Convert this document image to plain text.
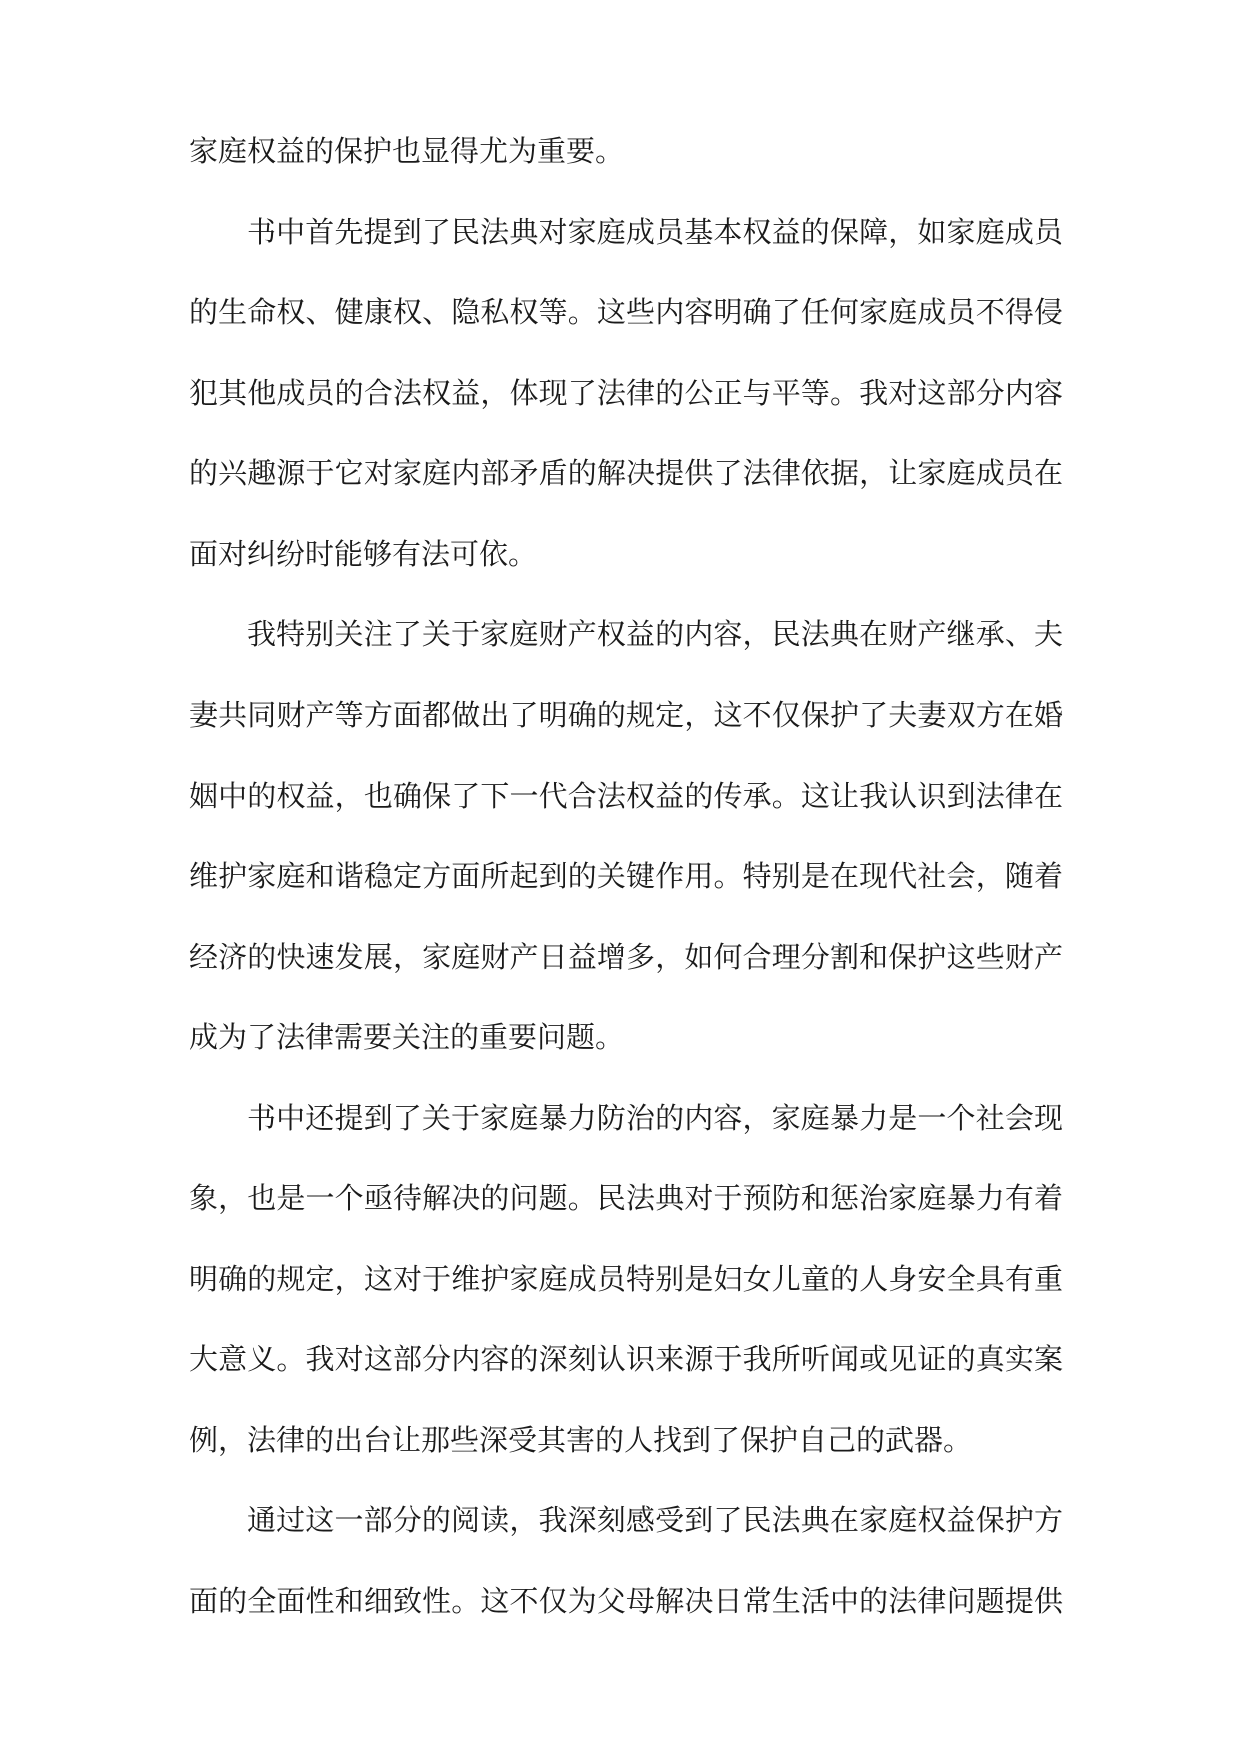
家庭权益的保护也显得尤为重要。
书中首先提到了民法典对家庭成员基本权益的保障，如家庭成员
的生命权、健康权、隐私权等。这些内容明确了任何家庭成员不得侵
犯其他成员的合法权益，体现了法律的公正与平等。我对这部分内容
的兴趣源于它对家庭内部矛盾的解决提供了法律依据，让家庭成员在
面对纠纷时能够有法可依。
我特别关注了关于家庭财产权益的内容，民法典在财产继承、夫
妻共同财产等方面都做出了明确的规定，这不仅保护了夫妻双方在婚
姻中的权益，也确保了下一代合法权益的传承。这让我认识到法律在
维护家庭和谐稳定方面所起到的关键作用。特别是在现代社会，随着
经济的快速发展，家庭财产日益增多，如何合理分割和保护这些财产
成为了法律需要关注的重要问题。
书中还提到了关于家庭暴力防治的内容，家庭暴力是一个社会现
象，也是一个亟待解决的问题。民法典对于预防和惩治家庭暴力有着
明确的规定，这对于维护家庭成员特别是妇女儿童的人身安全具有重
大意义。我对这部分内容的深刻认识来源于我所听闻或见证的真实案
例，法律的出台让那些深受其害的人找到了保护自己的武器。
通过这一部分的阅读，我深刻感受到了民法典在家庭权益保护方
面的全面性和细致性。这不仅为父母解决日常生活中的法律问题提供
